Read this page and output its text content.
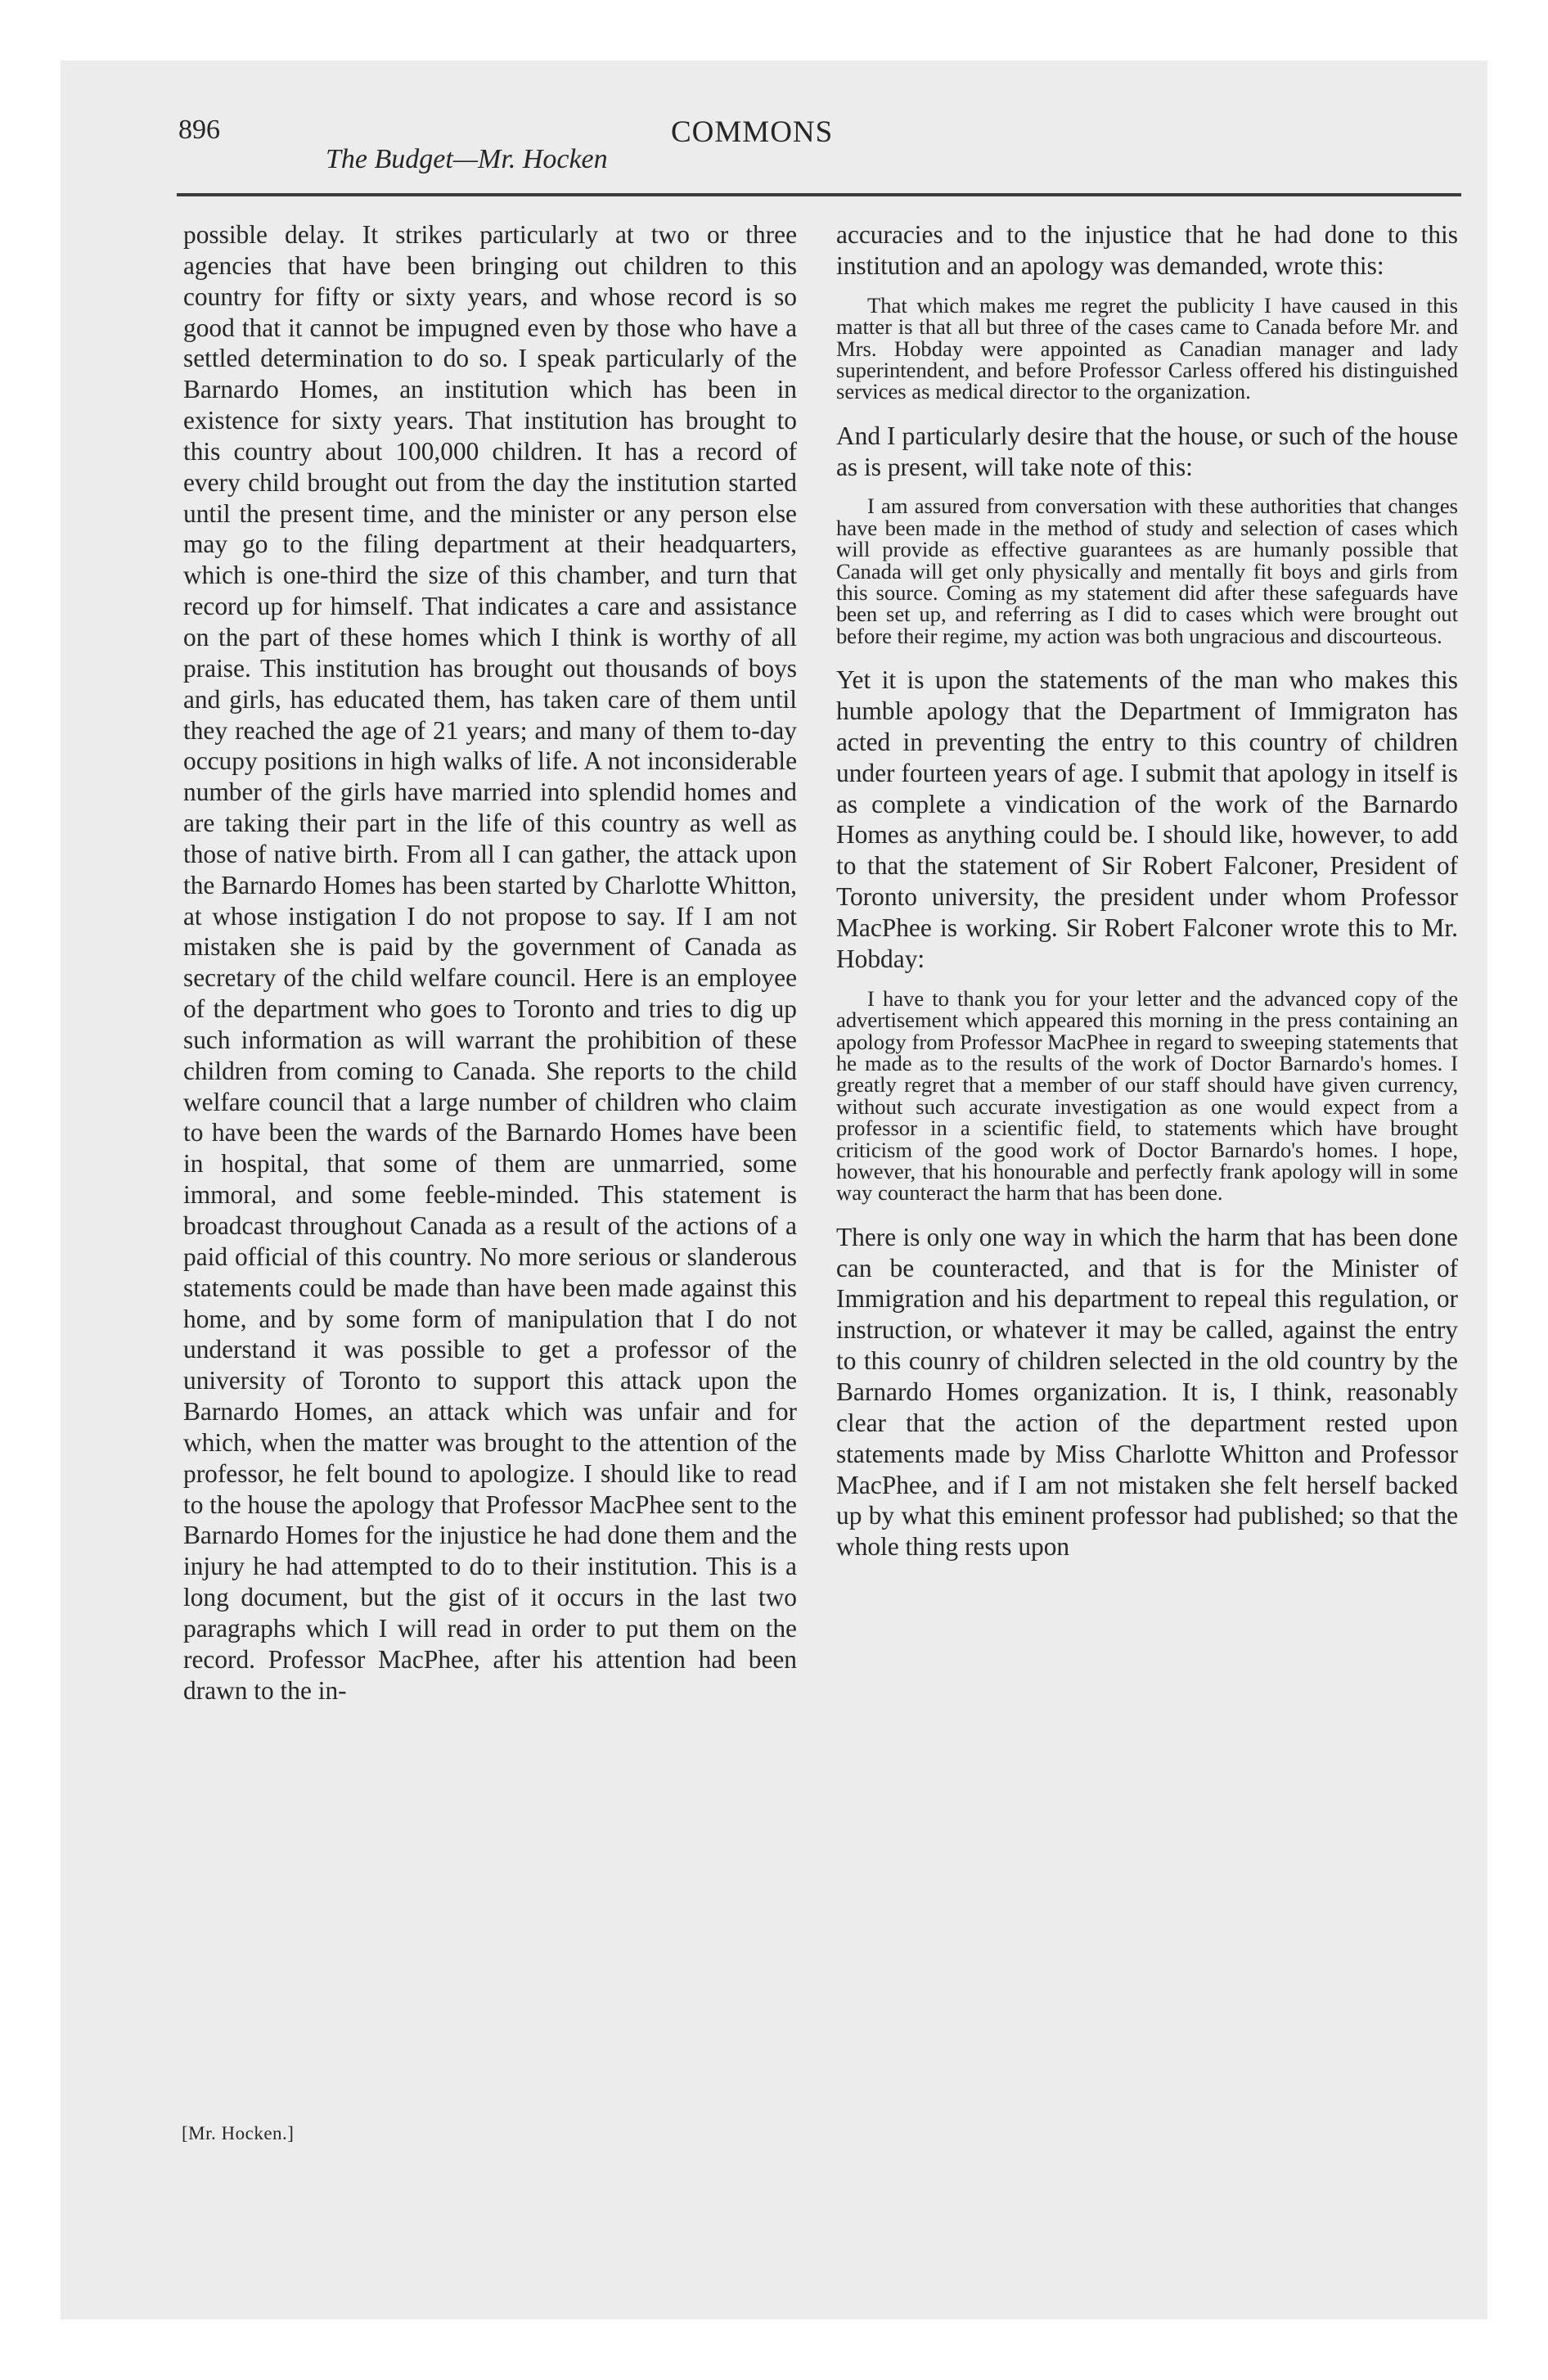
896	COMMONS
The Budget—Mr. Hocken

possible delay. It strikes particularly at two or three agencies that have been bringing out children to this country for fifty or sixty years, and whose record is so good that it cannot be impugned even by those who have a settled determination to do so. I speak particularly of the Barnardo Homes, an institution which has been in existence for sixty years. That institution has brought to this country about 100,000 children. It has a record of every child brought out from the day the institution started until the present time, and the minister or any person else may go to the filing department at their headquarters, which is one-third the size of this chamber, and turn that record up for himself. That indicates a care and assistance on the part of these homes which I think is worthy of all praise. This institution has brought out thousands of boys and girls, has educated them, has taken care of them until they reached the age of 21 years; and many of them to-day occupy positions in high walks of life. A not inconsiderable number of the girls have married into splendid homes and are taking their part in the life of this country as well as those of native birth. From all I can gather, the attack upon the Barnardo Homes has been started by Charlotte Whitton, at whose instigation I do not propose to say. If I am not mistaken she is paid by the government of Canada as secretary of the child welfare council. Here is an employee of the department who goes to Toronto and tries to dig up such information as will warrant the prohibition of these children from coming to Canada. She reports to the child welfare council that a large number of children who claim to have been the wards of the Barnardo Homes have been in hospital, that some of them are unmarried, some immoral, and some feeble-minded. This statement is broadcast throughout Canada as a result of the actions of a paid official of this country. No more serious or slanderous statements could be made than have been made against this home, and by some form of manipulation that I do not understand it was possible to get a professor of the university of Toronto to support this attack upon the Barnardo Homes, an attack which was unfair and for which, when the matter was brought to the attention of the professor, he felt bound to apologize. I should like to read to the house the apology that Professor MacPhee sent to the Barnardo Homes for the injustice he had done them and the injury he had attempted to do to their institution. This is a long document, but the gist of it occurs in the last two paragraphs which I will read in order to put them on the record. Professor MacPhee, after his attention had been drawn to the in-

accuracies and to the injustice that he had done to this institution and an apology was demanded, wrote this:

That which makes me regret the publicity I have caused in this matter is that all but three of the cases came to Canada before Mr. and Mrs. Hobday were appointed as Canadian manager and lady superintendent, and before Professor Carless offered his distinguished services as medical director to the organization.

And I particularly desire that the house, or such of the house as is present, will take note of this:

I am assured from conversation with these authorities that changes have been made in the method of study and selection of cases which will provide as effective guarantees as are humanly possible that Canada will get only physically and mentally fit boys and girls from this source. Coming as my statement did after these safeguards have been set up, and referring as I did to cases which were brought out before their regime, my action was both ungracious and discourteous.

Yet it is upon the statements of the man who makes this humble apology that the Department of Immigraton has acted in preventing the entry to this country of children under fourteen years of age. I submit that apology in itself is as complete a vindication of the work of the Barnardo Homes as anything could be. I should like, however, to add to that the statement of Sir Robert Falconer, President of Toronto university, the president under whom Professor MacPhee is working. Sir Robert Falconer wrote this to Mr. Hobday:

I have to thank you for your letter and the advanced copy of the advertisement which appeared this morning in the press containing an apology from Professor MacPhee in regard to sweeping statements that he made as to the results of the work of Doctor Barnardo's homes. I greatly regret that a member of our staff should have given currency, without such accurate investigation as one would expect from a professor in a scientific field, to statements which have brought criticism of the good work of Doctor Barnardo's homes. I hope, however, that his honourable and perfectly frank apology will in some way counteract the harm that has been done.

There is only one way in which the harm that has been done can be counteracted, and that is for the Minister of Immigration and his department to repeal this regulation, or instruction, or whatever it may be called, against the entry to this counry of children selected in the old country by the Barnardo Homes organization. It is, I think, reasonably clear that the action of the department rested upon statements made by Miss Charlotte Whitton and Professor MacPhee, and if I am not mistaken she felt herself backed up by what this eminent professor had published; so that the whole thing rests upon

[Mr. Hocken.]
